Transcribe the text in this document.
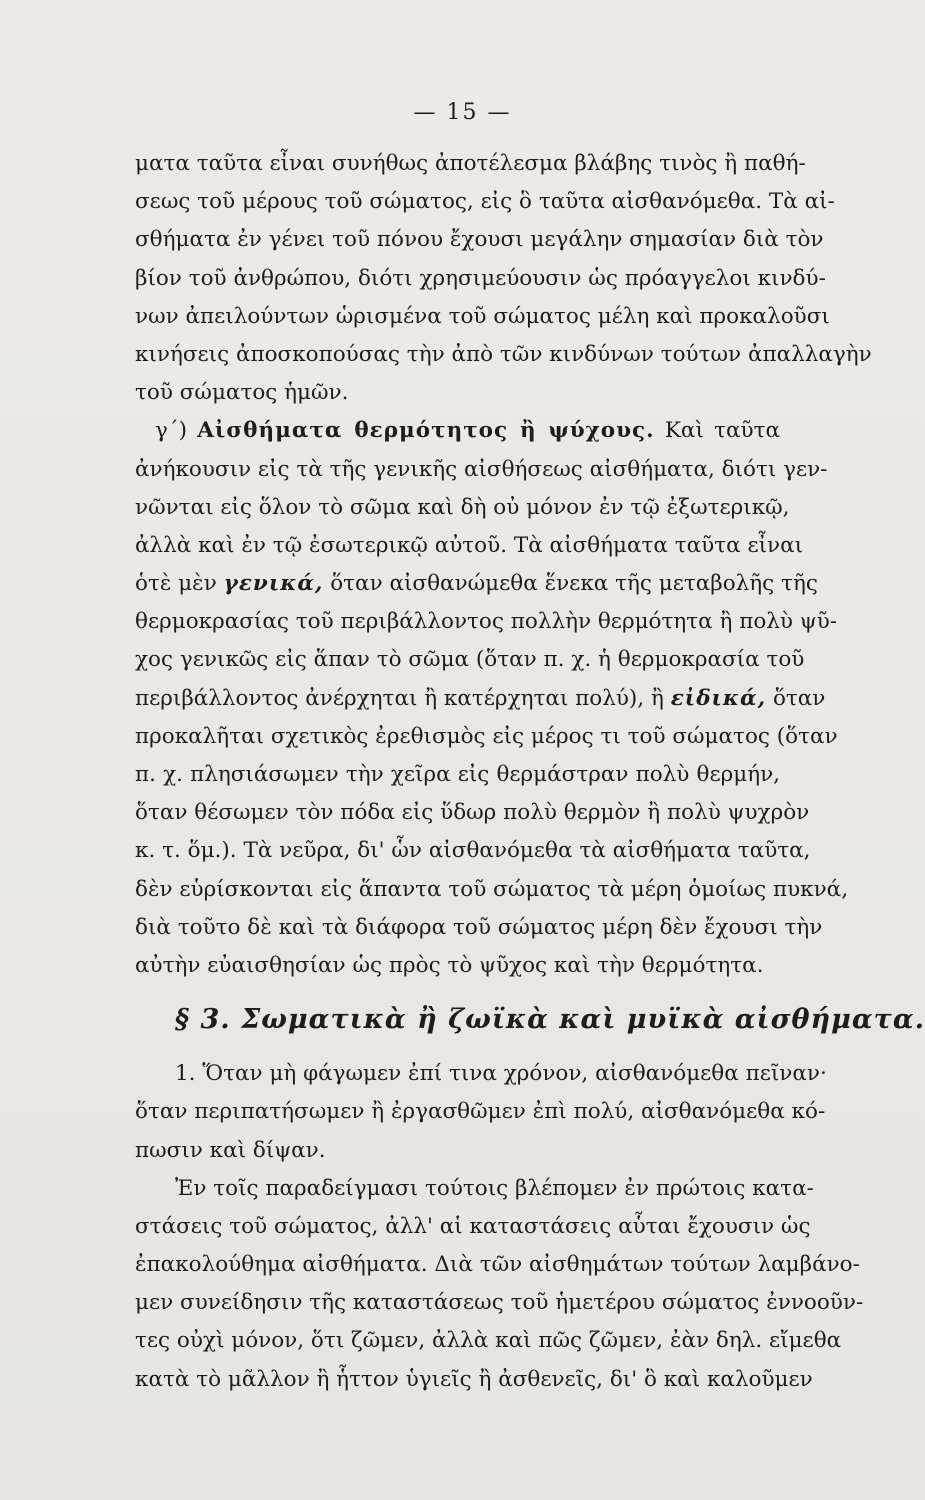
— 15 —
ματα ταῦτα εἶναι συνήθως ἀποτέλεσμα βλάβης τινὸς ἢ παθή-
σεως τοῦ μέρους τοῦ σώματος, εἰς ὃ ταῦτα αἰσθανόμεθα. Τὰ αἰ-
σθήματα ἐν γένει τοῦ πόνου ἔχουσι μεγάλην σημασίαν διὰ τὸν
βίον τοῦ ἀνθρώπου, διότι χρησιμεύουσιν ὡς πρόαγγελοι κινδύ-
νων ἀπειλούντων ὡρισμένα τοῦ σώματος μέλη καὶ προκαλοῦσι
κινήσεις ἀποσκοπούσας τὴν ἀπὸ τῶν κινδύνων τούτων ἀπαλλαγὴν
τοῦ σώματος ἡμῶν.
γ΄) Αἰσθήματα θερμότητος ἢ ψύχους. Καὶ ταῦτα
ἀνήκουσιν εἰς τὰ τῆς γενικῆς αἰσθήσεως αἰσθήματα, διότι γεν-
νῶνται εἰς ὅλον τὸ σῶμα καὶ δὴ οὐ μόνον ἐν τῷ ἐξωτερικῷ,
ἀλλὰ καὶ ἐν τῷ ἐσωτερικῷ αὐτοῦ. Τὰ αἰσθήματα ταῦτα εἶναι
ὁτὲ μὲν γενικά, ὅταν αἰσθανώμεθα ἕνεκα τῆς μεταβολῆς τῆς
θερμοκρασίας τοῦ περιβάλλοντος πολλὴν θερμότητα ἢ πολὺ ψῦ-
χος γενικῶς εἰς ἅπαν τὸ σῶμα (ὅταν π. χ. ἡ θερμοκρασία τοῦ
περιβάλλοντος ἀνέρχηται ἢ κατέρχηται πολύ), ἢ εἰδικά, ὅταν
προκαλῆται σχετικὸς ἐρεθισμὸς εἰς μέρος τι τοῦ σώματος (ὅταν
π. χ. πλησιάσωμεν τὴν χεῖρα εἰς θερμάστραν πολὺ θερμήν,
ὅταν θέσωμεν τὸν πόδα εἰς ὕδωρ πολὺ θερμὸν ἢ πολὺ ψυχρὸν
κ. τ. ὅμ.). Τὰ νεῦρα, δι' ὧν αἰσθανόμεθα τὰ αἰσθήματα ταῦτα,
δὲν εὑρίσκονται εἰς ἅπαντα τοῦ σώματος τὰ μέρη ὁμοίως πυκνά,
διὰ τοῦτο δὲ καὶ τὰ διάφορα τοῦ σώματος μέρη δὲν ἔχουσι τὴν
αὐτὴν εὐαισθησίαν ὡς πρὸς τὸ ψῦχος καὶ τὴν θερμότητα.
§ 3. Σωματικὰ ἢ ζωϊκὰ καὶ μυϊκὰ αἰσθήματα.
1. Ὅταν μὴ φάγωμεν ἐπί τινα χρόνον, αἰσθανόμεθα πεῖναν·
ὅταν περιπατήσωμεν ἢ ἐργασθῶμεν ἐπὶ πολύ, αἰσθανόμεθα κό-
πωσιν καὶ δίψαν.
Ἐν τοῖς παραδείγμασι τούτοις βλέπομεν ἐν πρώτοις κατα-
στάσεις τοῦ σώματος, ἀλλ' αἱ καταστάσεις αὗται ἔχουσιν ὡς
ἐπακολούθημα αἰσθήματα. Διὰ τῶν αἰσθημάτων τούτων λαμβάνο-
μεν συνείδησιν τῆς καταστάσεως τοῦ ἡμετέρου σώματος ἐννοοῦν-
τες οὐχὶ μόνον, ὅτι ζῶμεν, ἀλλὰ καὶ πῶς ζῶμεν, ἐὰν δηλ. εἴμεθα
κατὰ τὸ μᾶλλον ἢ ἧττον ὑγιεῖς ἢ ἀσθενεῖς, δι' ὃ καὶ καλοῦμεν
